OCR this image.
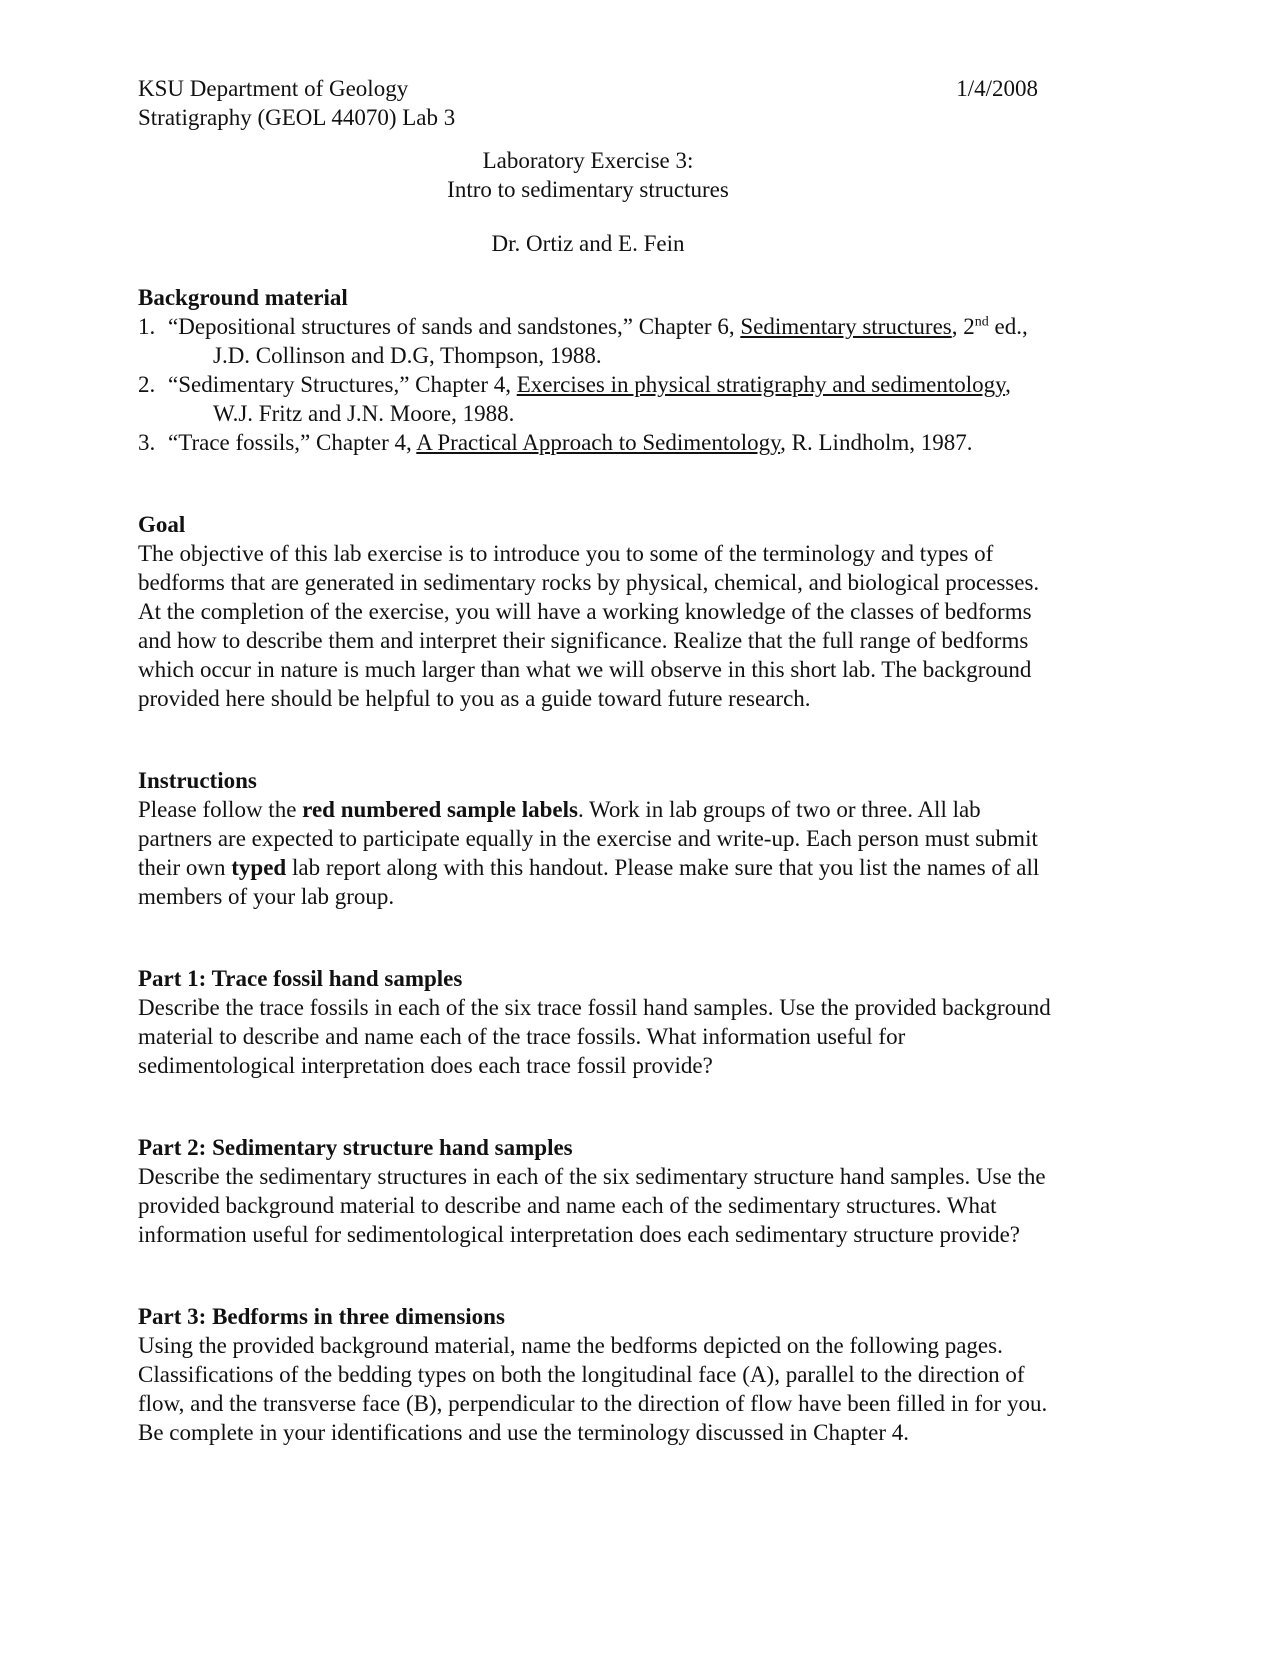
KSU Department of Geology
Stratigraphy (GEOL 44070) Lab 3
1/4/2008
Laboratory Exercise 3:
Intro to sedimentary structures
Dr. Ortiz and E. Fein
Background material
1. “Depositional structures of sands and sandstones,” Chapter 6, Sedimentary structures, 2nd ed.,
J.D. Collinson and D.G, Thompson, 1988.
2. “Sedimentary Structures,” Chapter 4, Exercises in physical stratigraphy and sedimentology,
W.J. Fritz and J.N. Moore, 1988.
3. “Trace fossils,” Chapter 4, A Practical Approach to Sedimentology, R. Lindholm, 1987.
Goal
The objective of this lab exercise is to introduce you to some of the terminology and types of
bedforms that are generated in sedimentary rocks by physical, chemical, and biological processes.
At the completion of the exercise, you will have a working knowledge of the classes of bedforms
and how to describe them and interpret their significance. Realize that the full range of bedforms
which occur in nature is much larger than what we will observe in this short lab. The background
provided here should be helpful to you as a guide toward future research.
Instructions
Please follow the red numbered sample labels. Work in lab groups of two or three. All lab
partners are expected to participate equally in the exercise and write-up. Each person must submit
their own typed lab report along with this handout. Please make sure that you list the names of all
members of your lab group.
Part 1: Trace fossil hand samples
Describe the trace fossils in each of the six trace fossil hand samples. Use the provided background
material to describe and name each of the trace fossils. What information useful for
sedimentological interpretation does each trace fossil provide?
Part 2: Sedimentary structure hand samples
Describe the sedimentary structures in each of the six sedimentary structure hand samples. Use the
provided background material to describe and name each of the sedimentary structures. What
information useful for sedimentological interpretation does each sedimentary structure provide?
Part 3: Bedforms in three dimensions
Using the provided background material, name the bedforms depicted on the following pages.
Classifications of the bedding types on both the longitudinal face (A), parallel to the direction of
flow, and the transverse face (B), perpendicular to the direction of flow have been filled in for you.
Be complete in your identifications and use the terminology discussed in Chapter 4.
